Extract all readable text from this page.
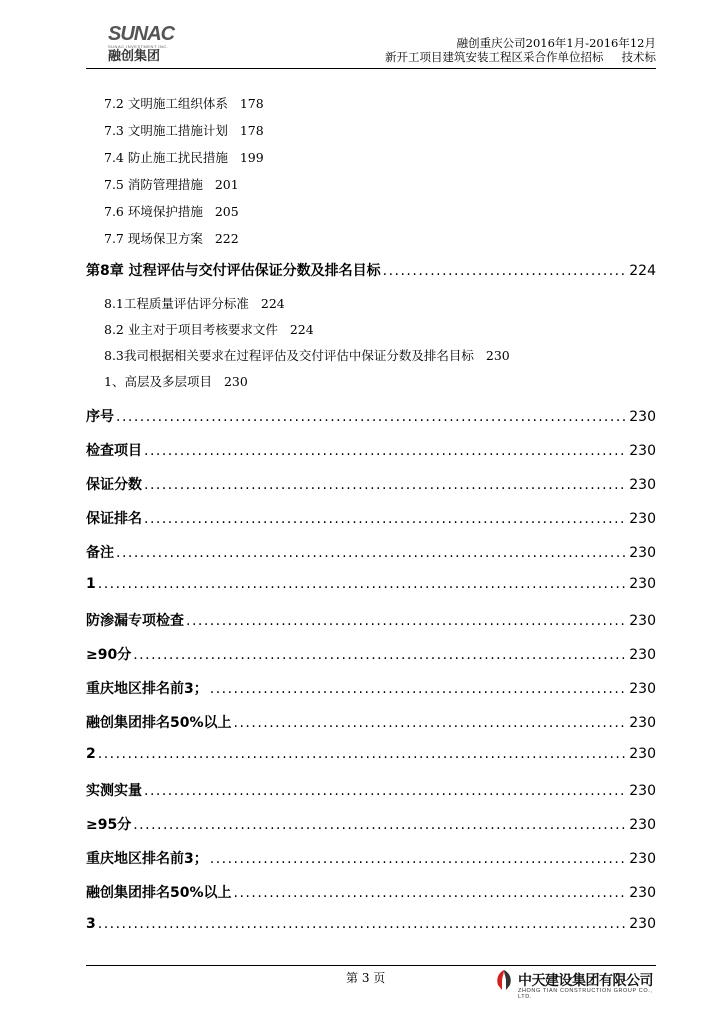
SUNAC
SUNAC INVESTMENT INC.
融创集团
融创重庆公司2016年1月-2016年12月
新开工项目建筑安装工程区采合作单位招标 技术标
7.2 文明施工组织体系 178
7.3 文明施工措施计划 178
7.4 防止施工扰民措施 199
7.5 消防管理措施 201
7.6 环境保护措施 205
7.7 现场保卫方案 222
第8章 过程评估与交付评估保证分数及排名目标 .....	224
8.1工程质量评估评分标准 224
8.2 业主对于项目考核要求文件 224
8.3我司根据相关要求在过程评估及交付评估中保证分数及排名目标 230
1、高层及多层项目 230
序号 .....	230
检查项目 .....	230
保证分数 .....	230
保证排名 .....	230
备注 .....	230
1 .....	230
防渗漏专项检查 .....	230
≥90分 .....	230
重庆地区排名前3； .....	230
融创集团排名50%以上 .....	230
2 .....	230
实测实量 .....	230
≥95分 .....	230
重庆地区排名前3； .....	230
融创集团排名50%以上 .....	230
3 .....	230
第 3 页	中天建设集团有限公司
ZHONG TIAN CONSTRUCTION GROUP CO., LTD.
